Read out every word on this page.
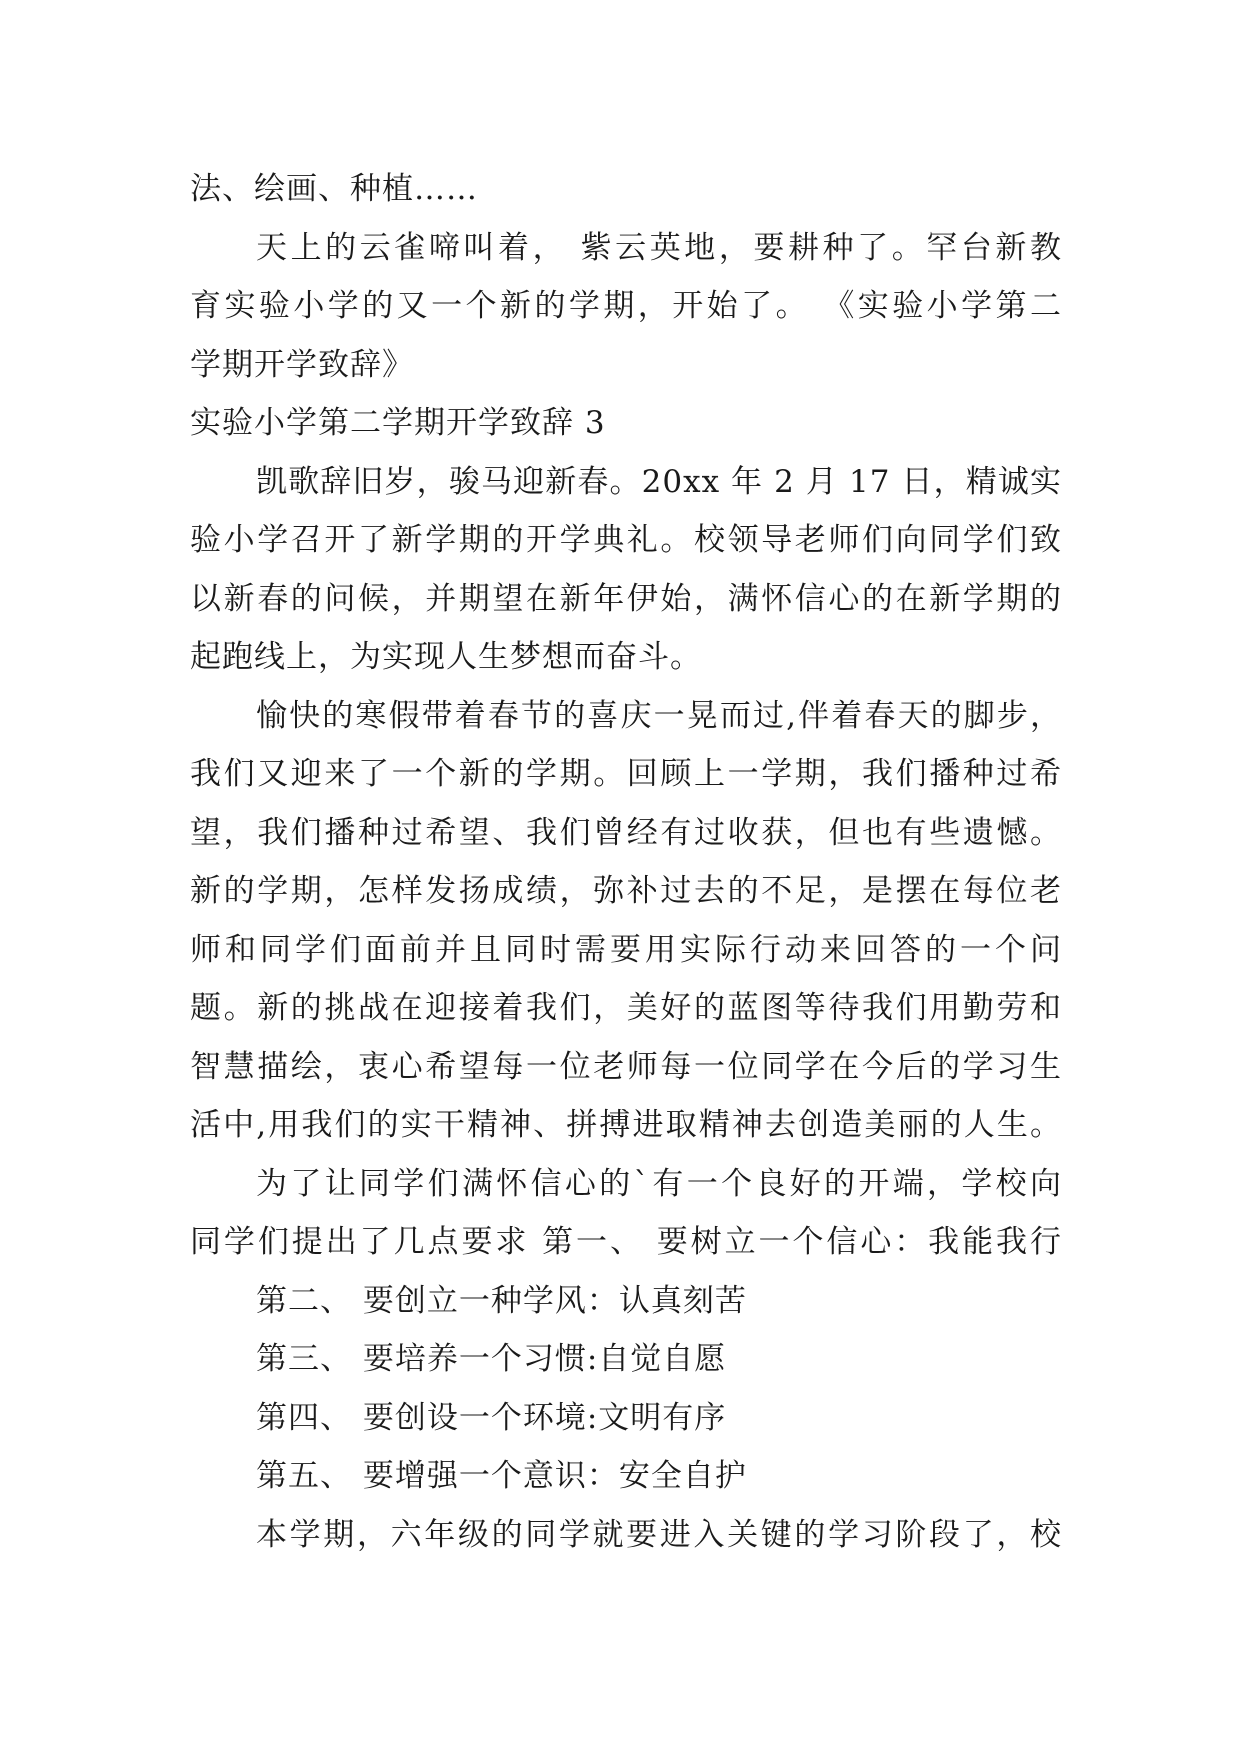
法、绘画、种植……
天上的云雀啼叫着， 紫云英地，要耕种了。罕台新教
育实验小学的又一个新的学期，开始了。 《实验小学第二
学期开学致辞》
实验小学第二学期开学致辞 3
凯歌辞旧岁，骏马迎新春。20xx 年 2 月 17 日，精诚实
验小学召开了新学期的开学典礼。校领导老师们向同学们致
以新春的问候，并期望在新年伊始，满怀信心的在新学期的
起跑线上，为实现人生梦想而奋斗。
愉快的寒假带着春节的喜庆一晃而过,伴着春天的脚步，
我们又迎来了一个新的学期。回顾上一学期，我们播种过希
望，我们播种过希望、我们曾经有过收获，但也有些遗憾。
新的学期，怎样发扬成绩，弥补过去的不足，是摆在每位老
师和同学们面前并且同时需要用实际行动来回答的一个问
题。新的挑战在迎接着我们，美好的蓝图等待我们用勤劳和
智慧描绘，衷心希望每一位老师每一位同学在今后的学习生
活中,用我们的实干精神、拼搏进取精神去创造美丽的人生。
为了让同学们满怀信心的`有一个良好的开端，学校向
同学们提出了几点要求 第一、 要树立一个信心：我能我行
第二、 要创立一种学风：认真刻苦
第三、 要培养一个习惯:自觉自愿
第四、 要创设一个环境:文明有序
第五、 要增强一个意识：安全自护
本学期，六年级的同学就要进入关键的学习阶段了，校
